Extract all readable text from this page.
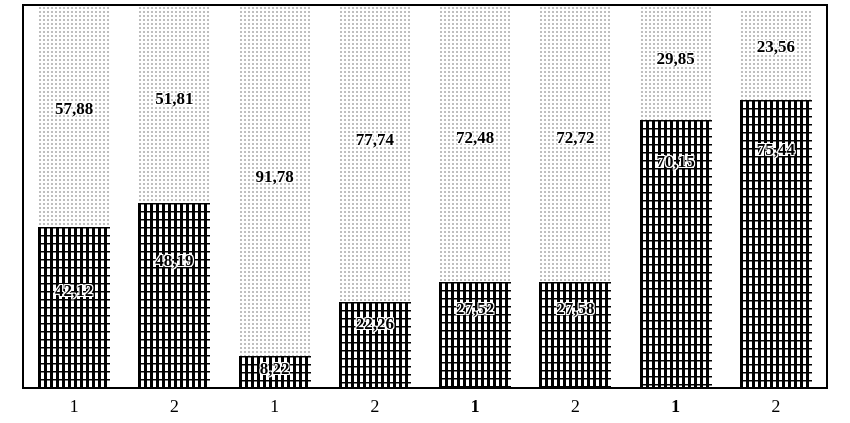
57,88
42,12
51,81
48,19
91,78
8,22
77,74
22,26
72,48
27,52
72,72
27,58
29,85
70,15
23,56
75,44
1	2	1	2	1	2	1	2
